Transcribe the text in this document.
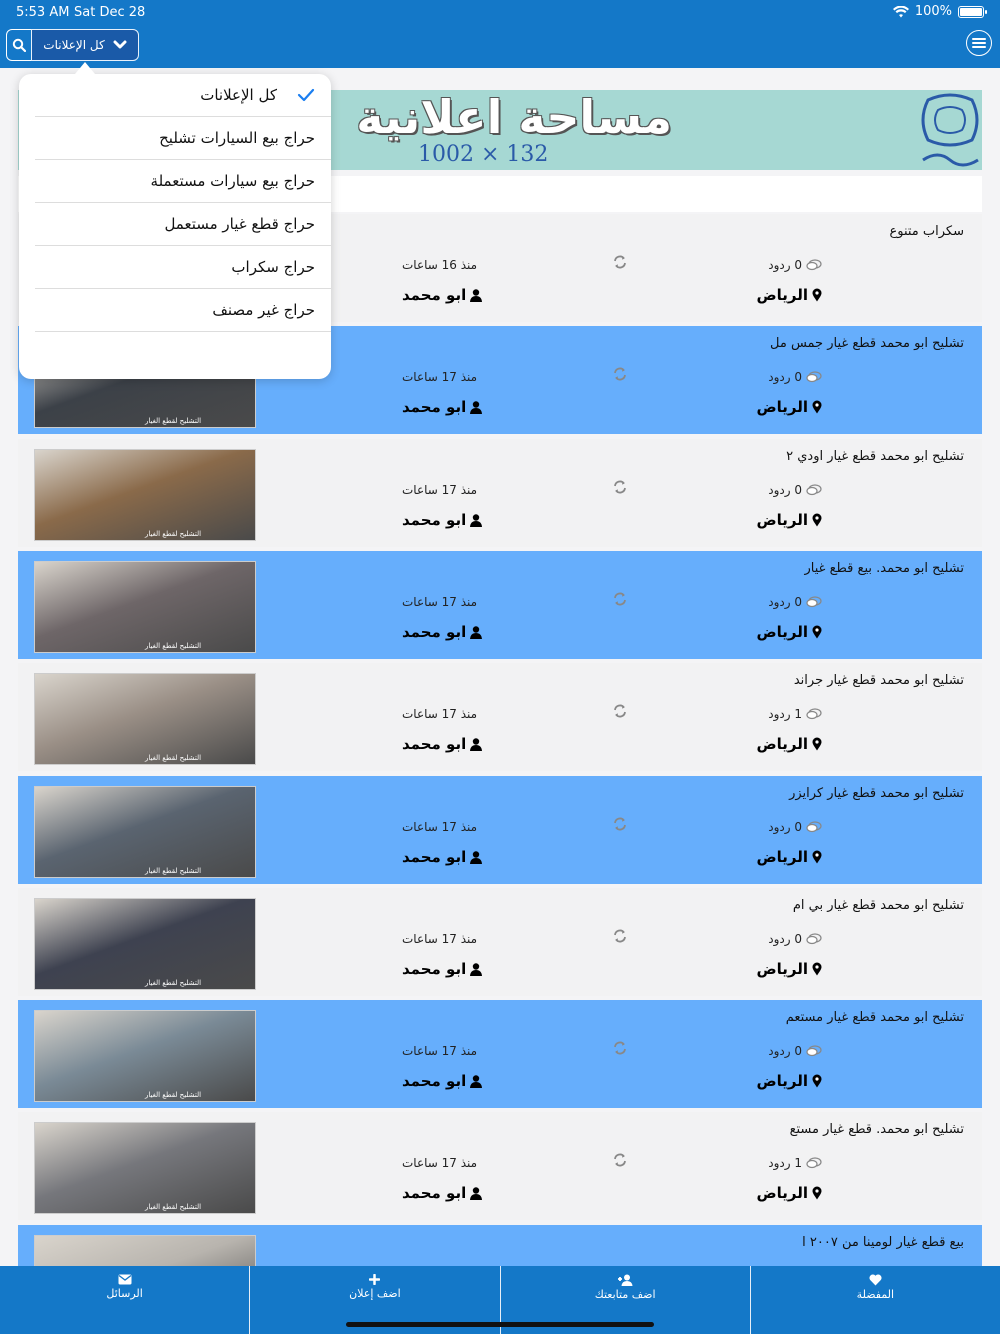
5:53 AM Sat Dec 28	100%
كل الإعلانات
مساحة اعلانية
1002 × 132
سكراب متنوع
0 ردود
الرياض
منذ 16 ساعات
ابو محمد
التشليح لقطع الغيار
تشليح ابو محمد قطع غيار جمس مل
0 ردود
الرياض
منذ 17 ساعات
ابو محمد
التشليح لقطع الغيار
تشليح ابو محمد قطع غيار اودي ٢
0 ردود
الرياض
منذ 17 ساعات
ابو محمد
التشليح لقطع الغيار
تشليح ابو محمد. بيع قطع غيار
0 ردود
الرياض
منذ 17 ساعات
ابو محمد
التشليح لقطع الغيار
تشليح ابو محمد قطع غيار جراند
1 ردود
الرياض
منذ 17 ساعات
ابو محمد
التشليح لقطع الغيار
تشليح ابو محمد قطع غيار كرايزر
0 ردود
الرياض
منذ 17 ساعات
ابو محمد
التشليح لقطع الغيار
تشليح ابو محمد قطع غيار بي ام
0 ردود
الرياض
منذ 17 ساعات
ابو محمد
التشليح لقطع الغيار
تشليح ابو محمد قطع غيار مستعم
0 ردود
الرياض
منذ 17 ساعات
ابو محمد
التشليح لقطع الغيار
تشليح ابو محمد. قطع غيار مستع
1 ردود
الرياض
منذ 17 ساعات
ابو محمد
بيع قطع غيار لومينا من ٢٠٠٧ ا
كل الإعلانات
حراج بيع السيارات تشليح
حراج بيع سيارات مستعملة
حراج قطع غيار مستعمل
حراج سكراب
حراج غير مصنف
الرسائل	اضف إعلان	اضف متابعتك	المفضلة
